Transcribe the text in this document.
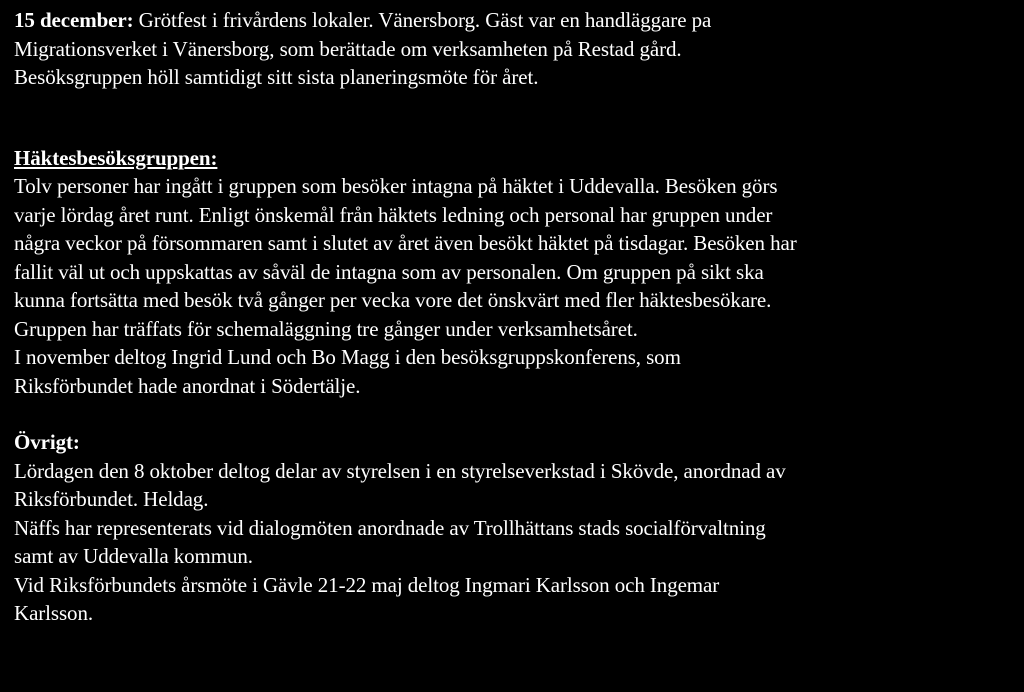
15 december: Grötfest i frivårdens lokaler. Vänersborg. Gäst var en handläggare pa
Migrationsverket i Vänersborg, som berättade om verksamheten på Restad gård.
Besöksgruppen höll samtidigt sitt sista planeringsmöte för året.
Häktesbesöksgruppen:
Tolv personer har ingått i gruppen som besöker intagna på häktet i Uddevalla. Besöken görs
varje lördag året runt. Enligt önskemål från häktets ledning och personal har gruppen under
några veckor på försommaren samt i slutet av året även besökt häktet på tisdagar. Besöken har
fallit väl ut och uppskattas av såväl de intagna som av personalen. Om gruppen på sikt ska
kunna fortsätta med besök två gånger per vecka vore det önskvärt med fler häktesbesökare.
Gruppen har träffats för schemaläggning tre gånger under verksamhetsåret.
I november deltog Ingrid Lund och Bo Magg i den besöksgruppskonferens, som
Riksförbundet hade anordnat i Södertälje.
Övrigt:
Lördagen den 8 oktober deltog delar av styrelsen i en styrelseverkstad i Skövde, anordnad av
Riksförbundet. Heldag.
Näffs har representerats vid dialogmöten anordnade av Trollhättans stads socialförvaltning
samt av Uddevalla kommun.
Vid Riksförbundets årsmöte i Gävle 21-22 maj deltog Ingmari Karlsson och Ingemar
Karlsson.
